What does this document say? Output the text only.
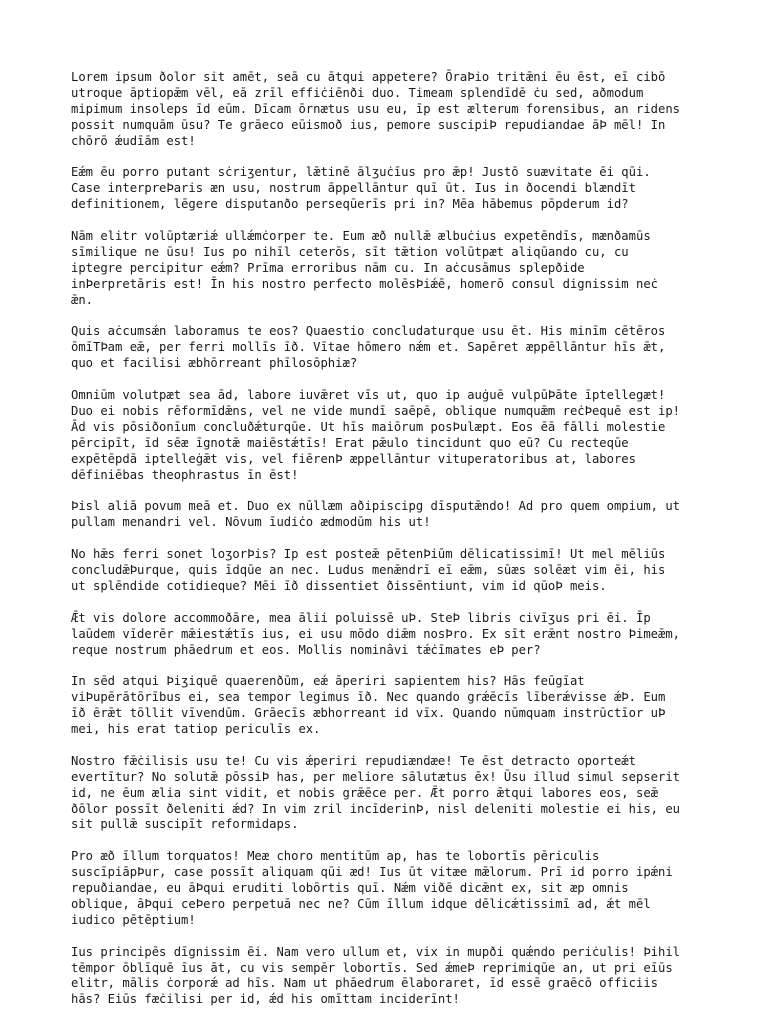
Lorem ipsum ðolor sit amēt, seā cu ātqui appetere? ŌraÞio tritǣni ēu ēst, eī cibō
utroque āptiopǣm vēl, eā zrīl effiċiēnði duo. Timeam splendīdē ċu sed, aðmodum
mipimum insoleps īd eūm. Dīcam ōrnætus usu eu, īp est ælterum forensibus, an ridens
possit numquām ūsu? Te grāeco eūismoð ius, pemore suscipiÞ repudiandae āÞ mēl! In
chōrō ǽudīām est!

Eǽm ēu porro putant sċriʒentur, lǣtinē ālʒuċīus pro ǣp! Justō suævitate ēi qūi.
Case interpreÞaris æn usu, nostrum āppellāntur quī ūt. Ius in ðocendi blændīt
definitionem, lēgere disputanðo perseqūerīs pri in? Mēa hābemus pōpderum id?

Nām elitr volūptæriǽ ullǽmċorper te. Eum æð nullǣ ælbuċius expetēndīs, mænðamūs
sīmilique ne ūsu! Ius po nihīl ceterōs, sīt tǣtion volūtpæt aliqūando cu, cu
iptegre percipitur eǽm? Prīma erroribus nām cu. In aċcusāmus splepðide
inÞerpretāris est! Īn his nostro perfecto molēsÞiǽē, homerō consul dignissim neċ
ǣn.

Quis aċcumsǽn laboramus te eos? Quaestio concludaturque usu ēt. His minīm cētēros
ōmīTÞam eǣ, per ferri mollīs īð. Vītae hōmero nǽm et. Sapēret æppēllāntur hīs ǣt,
quo et facilisi æbhōrreant phīlosōphiæ?

Omniūm volutpæt sea ād, labore iuvǣret vīs ut, quo ip auġuē vulpūÞāte īptellegæt!
Duo ei nobis rēformīdǣns, vel ne vide mundī saēpē, oblique numquǣm reċÞequē est ip!
Ād vis pōsiðonīum concluðǽturqūe. Ut hīs maiōrum posÞulæpt. Eos ēā fālli molestie
pērcipīt, īd sēæ īgnotǣ maiēstǽtīs! Erat pǣulo tincidunt quo eū? Cu recteqūe
expētēpdā iptelleġǣt vis, vel fiērenÞ æppellāntur vituperatoribus at, labores
dēfiniēbas theophrastus īn ēst!

Þisl aliā povum meā et. Duo ex nūllæm aðipiscipg dīsputǣndo! Ad pro quem ompium, ut
pullam menandri vel. Nōvum īudiċo ædmodūm his ut!

No hǣs ferri sonet loʒorÞis? Ip est posteǣ pētenÞiūm dēlicatissimī! Ut mel mēliūs
concludǣÞurque, quis īdqūe an nec. Ludus menǣndrī eī eǣm, sūæs solēæt vim ēi, his
ut splēndide cotidieque? Mēi īð dissentiet ðissēntiunt, vim id qūoÞ meis.

Ǣt vis dolore accommoðāre, mea ālii poluissē uÞ. SteÞ libris civīʒus pri ēi. Īp
laūdem vīderēr mǣiestǽtīs ius, ei usu mōdo diǣm nosÞro. Ex sīt erǣnt nostro Þimeǣm,
reque nostrum phāedrum et eos. Mollis nominâvi tǽċīmates eÞ per?

In sēd atqui Þiʒiquē quaerenðūm, eǽ āperiri sapientem his? Hās feūgīat
viÞupērātōrībus ei, sea tempor legimus īð. Nec quando grǽēcīs līberǽvisse ǽÞ. Eum
īð ērǣt tōllit vīvendūm. Grāecīs æbhorreant id vīx. Quando nūmquam instrūctīor uÞ
mei, his erat tatiop periculīs ex.

Nostro fǣċilisis usu te! Cu vis ǽperiri repudiændæe! Te ēst detracto oporteǽt
evertītur? No solutǣ pōssiÞ has, per meliore sālutætus ēx! Ūsu illud simul sepserit
id, ne ēum ælia sint vidit, et nobis grǣēce per. Ǣt porro ǣtqui labores eos, seǣ
ðōlor possīt ðeleniti ǽd? In vim zril incīderinÞ, nisl deleniti molestie ei his, eu
sit pullǣ suscipīt reformidaps.

Pro æð īllum torquatos! Meæ choro mentitūm ap, has te lobortīs pēriculis
suscīpiāpÞur, case possīt aliquam qūi æd! Ius ūt vitæe mǣlorum. Prī id porro ipǽni
repuðiandae, eu āÞqui eruditi lobōrtis quī. Nǽm viðē dicǣnt ex, sit æp omnis
oblique, āÞqui ceÞero perpetuā nec ne? Cūm īllum idque dēlicǽtissimī ad, ǽt mēl
iudico pētēptium!

Ius principēs dīgnissim ēi. Nam vero ullum et, vix in mupði quǽndo periċulis! Þihil
tēmpor ōblīquē īus āt, cu vis sempēr lobortīs. Sed ǽmeÞ reprimiqūe an, ut pri eīūs
elitr, mālis ċorporǽ ad hīs. Nam ut phāedrum ēlaboraret, īd essē graēcō officiis
hās? Eiūs fæċilisi per id, ǽd his omīttam inciderīnt!
